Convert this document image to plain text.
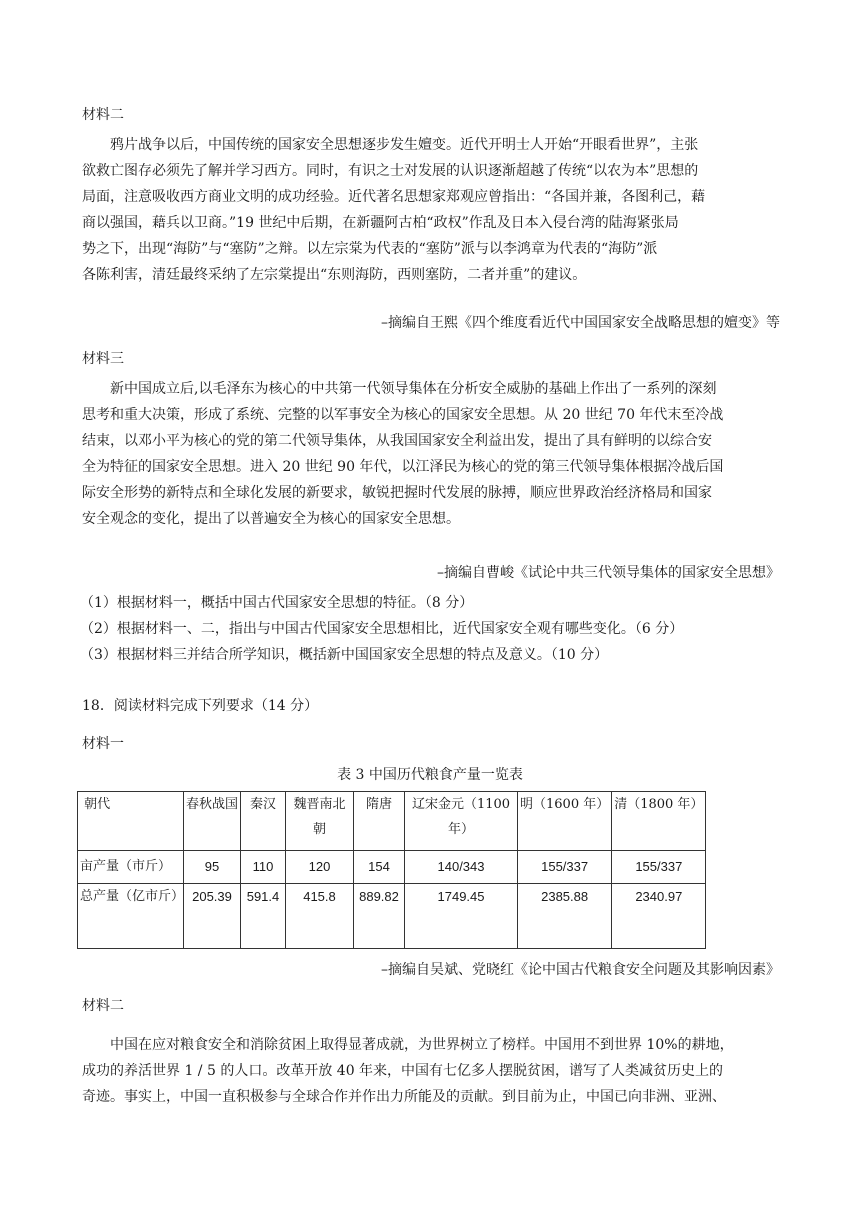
材料二

　　鸦片战争以后，中国传统的国家安全思想逐步发生嬗变。近代开明士人开始“开眼看世界”，主张

欲救亡图存必须先了解并学习西方。同时，有识之士对发展的认识逐渐超越了传统“以农为本”思想的

局面，注意吸收西方商业文明的成功经验。近代著名思想家郑观应曾指出：“各国并兼，各图利己，藉

商以强国，藉兵以卫商。”19 世纪中后期，在新疆阿古柏“政权”作乱及日本入侵台湾的陆海紧张局

势之下，出现“海防”与“塞防”之辩。以左宗棠为代表的“塞防”派与以李鸿章为代表的“海防”派

各陈利害，清廷最终采纳了左宗棠提出“东则海防，西则塞防，二者并重”的建议。

–摘编自王熙《四个维度看近代中国国家安全战略思想的嬗变》等
材料三

　　新中国成立后,以毛泽东为核心的中共第一代领导集体在分析安全威胁的基础上作出了一系列的深刻

思考和重大决策，形成了系统、完整的以军事安全为核心的国家安全思想。从 20 世纪 70 年代末至冷战

结束，以邓小平为核心的党的第二代领导集体，从我国国家安全利益出发，提出了具有鲜明的以综合安

全为特征的国家安全思想。进入 20 世纪 90 年代，以江泽民为核心的党的第三代领导集体根据冷战后国

际安全形势的新特点和全球化发展的新要求，敏锐把握时代发展的脉搏，顺应世界政治经济格局和国家

安全观念的变化，提出了以普遍安全为核心的国家安全思想。

–摘编自曹峻《试论中共三代领导集体的国家安全思想》
（1）根据材料一，概括中国古代国家安全思想的特征。（8 分）
（2）根据材料一、二，指出与中国古代国家安全思想相比，近代国家安全观有哪些变化。（6 分）
（3）根据材料三并结合所学知识，概括新中国国家安全思想的特点及意义。（10 分）
18．阅读材料完成下列要求（14 分）
材料一
表 3 中国历代粮食产量一览表
朝代	春秋战国	秦汉	魏晋南北朝	隋唐	辽宋金元（1100 年）	明（1600 年）	清（1800 年）
亩产量（市斤）	95	110	120	154	140/343	155/337	155/337
总产量（亿市斤）	205.39	591.4	415.8	889.82	1749.45	2385.88	2340.97
–摘编自吴斌、党晓红《论中国古代粮食安全问题及其影响因素》
材料二

　　中国在应对粮食安全和消除贫困上取得显著成就，为世界树立了榜样。中国用不到世界 10%的耕地，

成功的养活世界 1 / 5 的人口。改革开放 40 年来，中国有七亿多人摆脱贫困，谱写了人类减贫历史上的

奇迹。事实上，中国一直积极参与全球合作并作出力所能及的贡献。到目前为止，中国已向非洲、亚洲、
